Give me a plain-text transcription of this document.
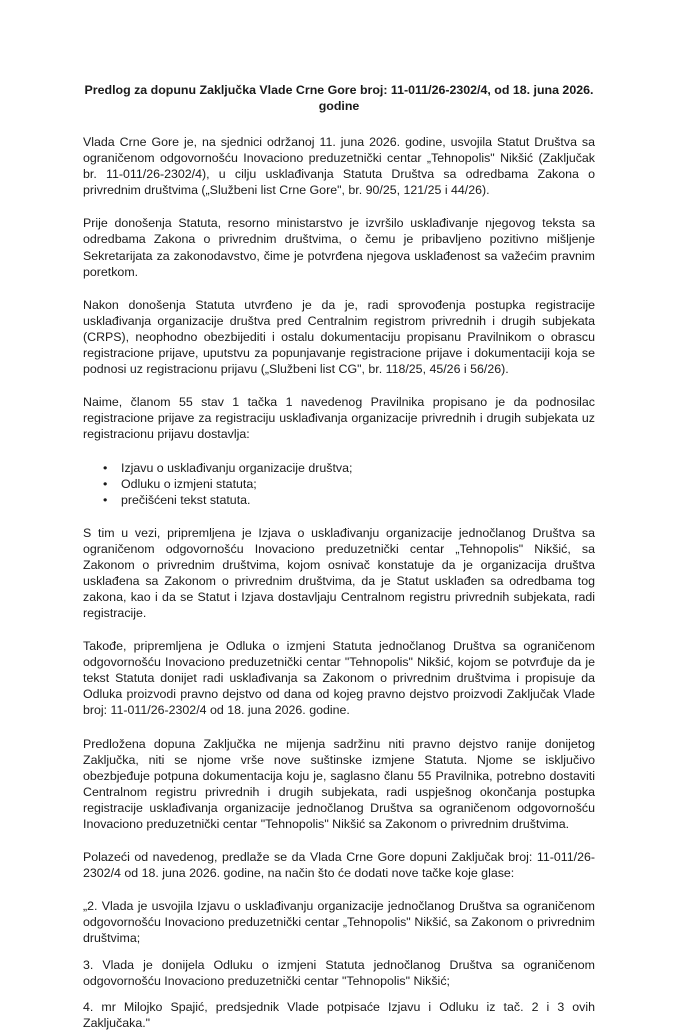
Predlog za dopunu Zaključka Vlade Crne Gore broj: 11-011/26-2302/4, od 18. juna 2026. godine

Vlada Crne Gore je, na sjednici održanoj 11. juna 2026. godine, usvojila Statut Društva sa ograničenom odgovornošću Inovaciono preduzetnički centar „Tehnopolis" Nikšić (Zaključak br. 11-011/26-2302/4), u cilju usklađivanja Statuta Društva sa odredbama Zakona o privrednim društvima („Službeni list Crne Gore", br. 90/25, 121/25 i 44/26).

Prije donošenja Statuta, resorno ministarstvo je izvršilo usklađivanje njegovog teksta sa odredbama Zakona o privrednim društvima, o čemu je pribavljeno pozitivno mišljenje Sekretarijata za zakonodavstvo, čime je potvrđena njegova usklađenost sa važećim pravnim poretkom.

Nakon donošenja Statuta utvrđeno je da je, radi sprovođenja postupka registracije usklađivanja organizacije društva pred Centralnim registrom privrednih i drugih subjekata (CRPS), neophodno obezbijediti i ostalu dokumentaciju propisanu Pravilnikom o obrascu registracione prijave, uputstvu za popunjavanje registracione prijave i dokumentaciji koja se podnosi uz registracionu prijavu („Službeni list CG", br. 118/25, 45/26 i 56/26).

Naime, članom 55 stav 1 tačka 1 navedenog Pravilnika propisano je da podnosilac registracione prijave za registraciju usklađivanja organizacije privrednih i drugih subjekata uz registracionu prijavu dostavlja:

• Izjavu o usklađivanju organizacije društva;
• Odluku o izmjeni statuta;
• prečišćeni tekst statuta.

S tim u vezi, pripremljena je Izjava o usklađivanju organizacije jednočlanog Društva sa ograničenom odgovornošću Inovaciono preduzetnički centar „Tehnopolis" Nikšić, sa Zakonom o privrednim društvima, kojom osnivač konstatuje da je organizacija društva usklađena sa Zakonom o privrednim društvima, da je Statut usklađen sa odredbama tog zakona, kao i da se Statut i Izjava dostavljaju Centralnom registru privrednih subjekata, radi registracije.

Takođe, pripremljena je Odluka o izmjeni Statuta jednočlanog Društva sa ograničenom odgovornošću Inovaciono preduzetnički centar "Tehnopolis" Nikšić, kojom se potvrđuje da je tekst Statuta donijet radi usklađivanja sa Zakonom o privrednim društvima i propisuje da Odluka proizvodi pravno dejstvo od dana od kojeg pravno dejstvo proizvodi Zaključak Vlade broj: 11-011/26-2302/4 od 18. juna 2026. godine.

Predložena dopuna Zaključka ne mijenja sadržinu niti pravno dejstvo ranije donijetog Zaključka, niti se njome vrše nove suštinske izmjene Statuta. Njome se isključivo obezbjeđuje potpuna dokumentacija koju je, saglasno članu 55 Pravilnika, potrebno dostaviti Centralnom registru privrednih i drugih subjekata, radi uspješnog okončanja postupka registracije usklađivanja organizacije jednočlanog Društva sa ograničenom odgovornošću Inovaciono preduzetnički centar "Tehnopolis" Nikšić sa Zakonom o privrednim društvima.

Polazeći od navedenog, predlaže se da Vlada Crne Gore dopuni Zaključak broj: 11-011/26-2302/4 od 18. juna 2026. godine, na način što će dodati nove tačke koje glase:

„2. Vlada je usvojila Izjavu o usklađivanju organizacije jednočlanog Društva sa ograničenom odgovornošću Inovaciono preduzetnički centar „Tehnopolis" Nikšić, sa Zakonom o privrednim društvima;

3. Vlada je donijela Odluku o izmjeni Statuta jednočlanog Društva sa ograničenom odgovornošću Inovaciono preduzetnički centar "Tehnopolis" Nikšić;

4. mr Milojko Spajić, predsjednik Vlade potpisaće Izjavu i Odluku iz tač. 2 i 3 ovih Zaključaka."
